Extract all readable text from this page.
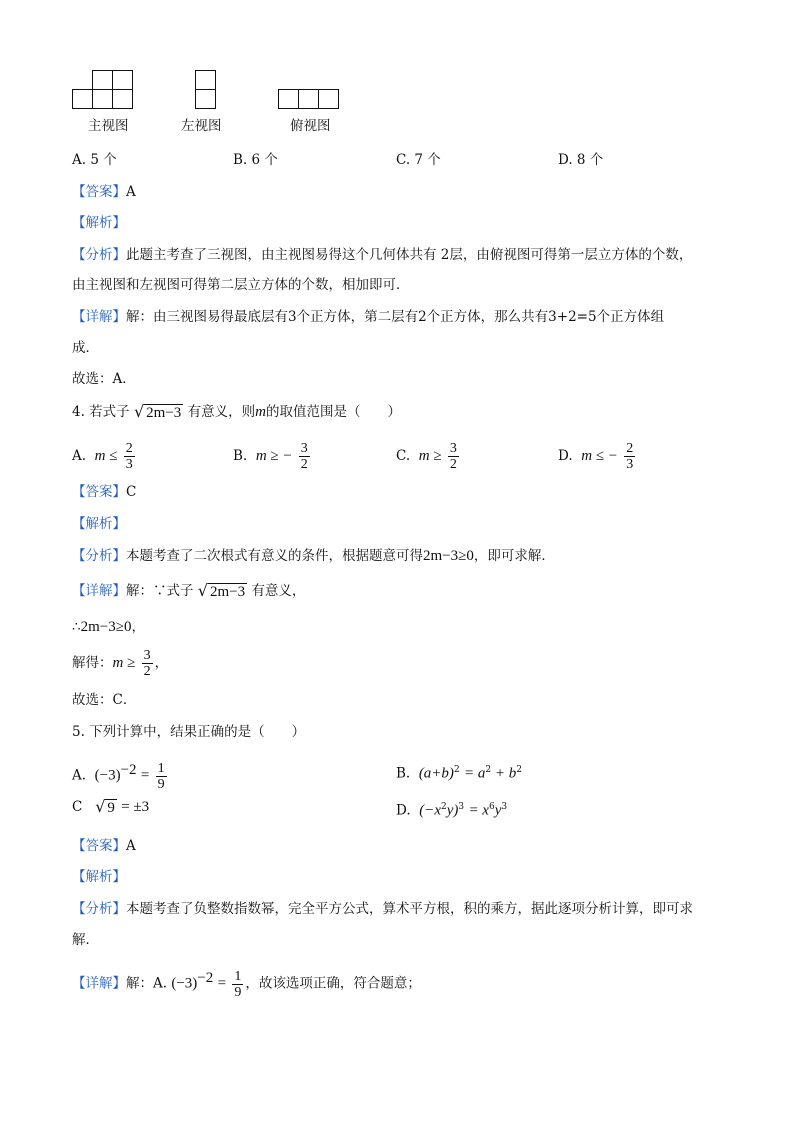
主视图	左视图	俯视图
A. 5 个	B. 6 个	C. 7 个	D. 8 个
【答案】A
【解析】
【分析】此题主考查了三视图，由主视图易得这个几何体共有 2层，由俯视图可得第一层立方体的个数，
由主视图和左视图可得第二层立方体的个数，相加即可．
【详解】解：由三视图易得最底层有3个正方体，第二层有2个正方体，那么共有3+2=5个正方体组
成．
故选：A．
4. 若式子 √ 2m−3 有意义，则m的取值范围是（　　）
A. $m \le \frac{2}{3}$	B. m ≥ − $\frac{3}{2}$	C. $m \ge \frac{3}{2}$	D. m ≤ − $\frac{2}{3}$
【答案】C
【解析】
【分析】本题考查了二次根式有意义的条件，根据题意可得2m−3≥0，即可求解．
【详解】解：∵式子 √ 2m−3 有意义，
∴2m−3≥0，
解得：$m \ge \frac{3}{2}$ ，
故选：C．
5. 下列计算中，结果正确的是（　　）
A. $(-3)^{-2} = \frac{1}{9}$	B. $(a+b)^2 = a^2 + b^2$
C √ 9 = ±3	D. $(-x^2y)^3 = x^6y^3$
【答案】A
【解析】
【分析】本题考查了负整数指数幂，完全平方公式，算术平方根，积的乘方，据此逐项分析计算，即可求
解．
【详解】解：A. $(-3)^{-2} = \frac{1}{9}$ ，故该选项正确，符合题意；
